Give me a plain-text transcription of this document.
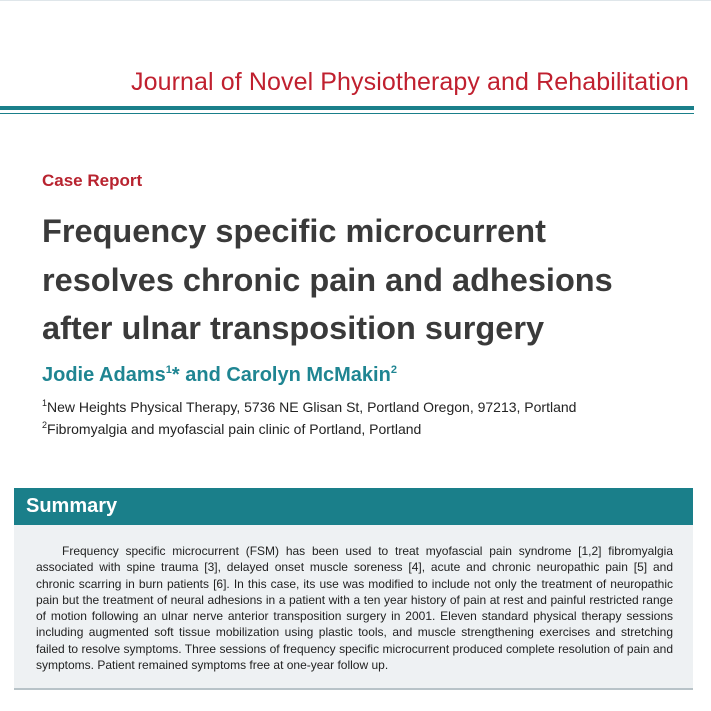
Journal of Novel Physiotherapy and Rehabilitation
Case Report
Frequency specific microcurrent resolves chronic pain and adhesions after ulnar transposition surgery
Jodie Adams$^1$* and Carolyn McMakin$^2$
$^1$New Heights Physical Therapy, 5736 NE Glisan St, Portland Oregon, 97213, Portland
$^2$Fibromyalgia and myofascial pain clinic of Portland, Portland
Summary

Frequency specific microcurrent (FSM) has been used to treat myofascial pain syndrome [1,2] fibromyalgia associated with spine trauma [3], delayed onset muscle soreness [4], acute and chronic neuropathic pain [5] and chronic scarring in burn patients [6]. In this case, its use was modified to include not only the treatment of neuropathic pain but the treatment of neural adhesions in a patient with a ten year history of pain at rest and painful restricted range of motion following an ulnar nerve anterior transposition surgery in 2001. Eleven standard physical therapy sessions including augmented soft tissue mobilization using plastic tools, and muscle strengthening exercises and stretching failed to resolve symptoms. Three sessions of frequency specific microcurrent produced complete resolution of pain and symptoms. Patient remained symptoms free at one-year follow up.
